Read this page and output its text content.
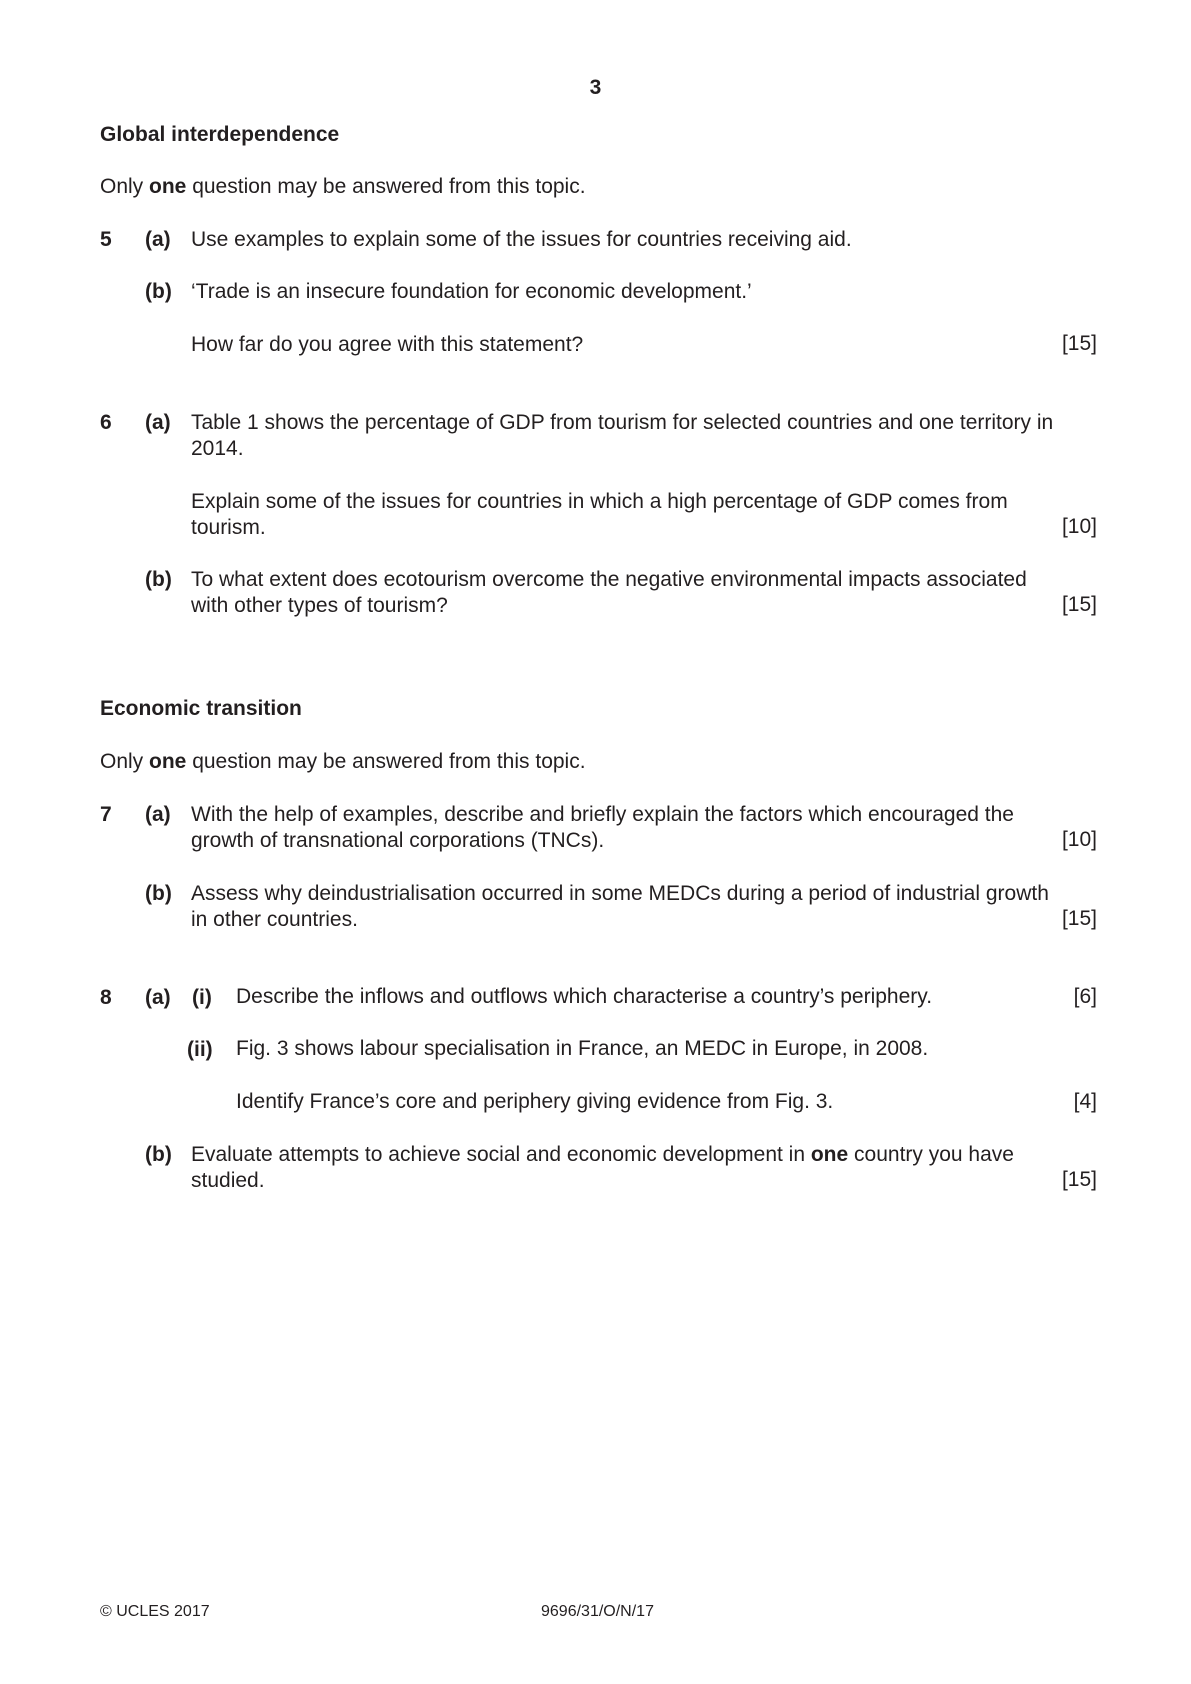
3
Global interdependence
Only one question may be answered from this topic.
5 (a) Use examples to explain some of the issues for countries receiving aid.
(b) ‘Trade is an insecure foundation for economic development.’
How far do you agree with this statement?	[15]
6 (a) Table 1 shows the percentage of GDP from tourism for selected countries and one territory in
2014.
Explain some of the issues for countries in which a high percentage of GDP comes from
tourism.	[10]
(b) To what extent does ecotourism overcome the negative environmental impacts associated
with other types of tourism?	[15]
Economic transition
Only one question may be answered from this topic.
7 (a) With the help of examples, describe and briefly explain the factors which encouraged the
growth of transnational corporations (TNCs).	[10]
(b) Assess why deindustrialisation occurred in some MEDCs during a period of industrial growth
in other countries.	[15]
8 (a) (i) Describe the inflows and outflows which characterise a country’s periphery.	[6]
(ii) Fig. 3 shows labour specialisation in France, an MEDC in Europe, in 2008.
Identify France’s core and periphery giving evidence from Fig. 3.	[4]
(b) Evaluate attempts to achieve social and economic development in one country you have
studied.	[15]
© UCLES 2017	9696/31/O/N/17
